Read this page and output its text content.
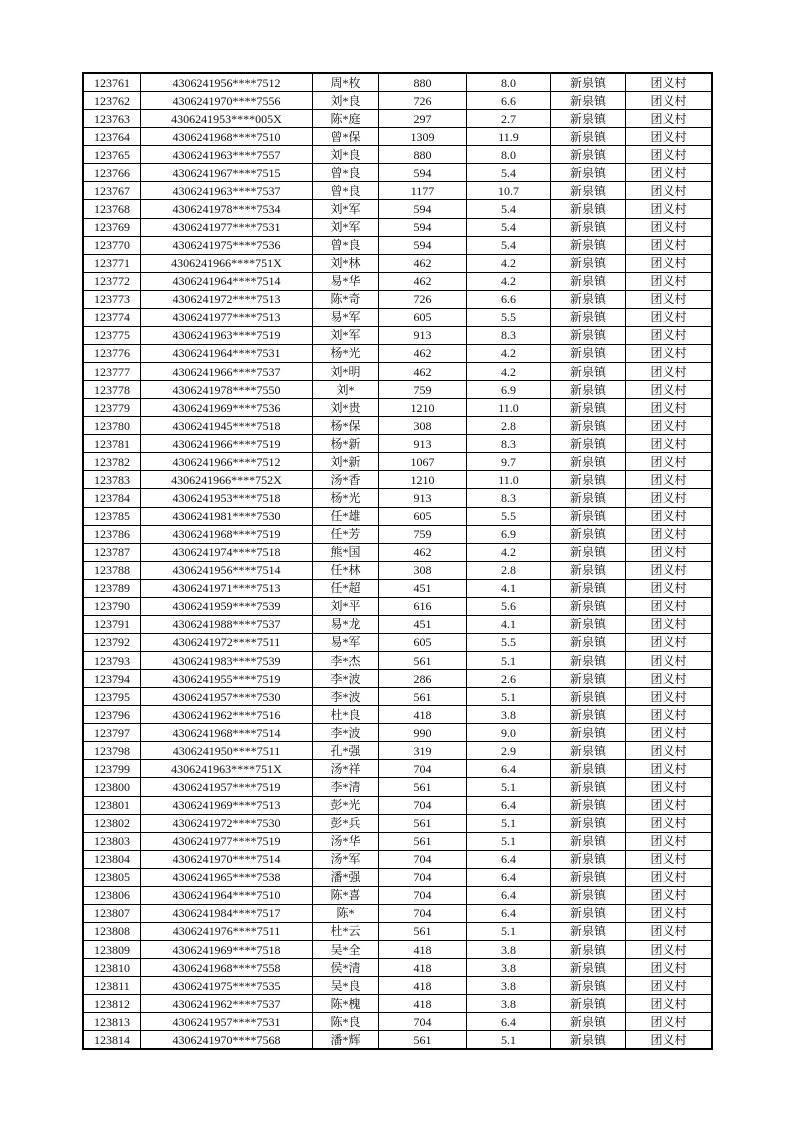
123761	4306241956****7512	周*枚	880	8.0	新泉镇	团义村
123762	4306241970****7556	刘*良	726	6.6	新泉镇	团义村
123763	4306241953****005X	陈*庭	297	2.7	新泉镇	团义村
123764	4306241968****7510	曾*保	1309	11.9	新泉镇	团义村
123765	4306241963****7557	刘*良	880	8.0	新泉镇	团义村
123766	4306241967****7515	曾*良	594	5.4	新泉镇	团义村
123767	4306241963****7537	曾*良	1177	10.7	新泉镇	团义村
123768	4306241978****7534	刘*军	594	5.4	新泉镇	团义村
123769	4306241977****7531	刘*军	594	5.4	新泉镇	团义村
123770	4306241975****7536	曾*良	594	5.4	新泉镇	团义村
123771	4306241966****751X	刘*林	462	4.2	新泉镇	团义村
123772	4306241964****7514	易*华	462	4.2	新泉镇	团义村
123773	4306241972****7513	陈*奇	726	6.6	新泉镇	团义村
123774	4306241977****7513	易*军	605	5.5	新泉镇	团义村
123775	4306241963****7519	刘*军	913	8.3	新泉镇	团义村
123776	4306241964****7531	杨*光	462	4.2	新泉镇	团义村
123777	4306241966****7537	刘*明	462	4.2	新泉镇	团义村
123778	4306241978****7550	刘*	759	6.9	新泉镇	团义村
123779	4306241969****7536	刘*贵	1210	11.0	新泉镇	团义村
123780	4306241945****7518	杨*保	308	2.8	新泉镇	团义村
123781	4306241966****7519	杨*新	913	8.3	新泉镇	团义村
123782	4306241966****7512	刘*新	1067	9.7	新泉镇	团义村
123783	4306241966****752X	汤*香	1210	11.0	新泉镇	团义村
123784	4306241953****7518	杨*光	913	8.3	新泉镇	团义村
123785	4306241981****7530	任*雄	605	5.5	新泉镇	团义村
123786	4306241968****7519	任*芳	759	6.9	新泉镇	团义村
123787	4306241974****7518	熊*国	462	4.2	新泉镇	团义村
123788	4306241956****7514	任*林	308	2.8	新泉镇	团义村
123789	4306241971****7513	任*超	451	4.1	新泉镇	团义村
123790	4306241959****7539	刘*平	616	5.6	新泉镇	团义村
123791	4306241988****7537	易*龙	451	4.1	新泉镇	团义村
123792	4306241972****7511	易*军	605	5.5	新泉镇	团义村
123793	4306241983****7539	李*杰	561	5.1	新泉镇	团义村
123794	4306241955****7519	李*波	286	2.6	新泉镇	团义村
123795	4306241957****7530	李*波	561	5.1	新泉镇	团义村
123796	4306241962****7516	杜*良	418	3.8	新泉镇	团义村
123797	4306241968****7514	李*波	990	9.0	新泉镇	团义村
123798	4306241950****7511	孔*强	319	2.9	新泉镇	团义村
123799	4306241963****751X	汤*祥	704	6.4	新泉镇	团义村
123800	4306241957****7519	李*清	561	5.1	新泉镇	团义村
123801	4306241969****7513	彭*光	704	6.4	新泉镇	团义村
123802	4306241972****7530	彭*兵	561	5.1	新泉镇	团义村
123803	4306241977****7519	汤*华	561	5.1	新泉镇	团义村
123804	4306241970****7514	汤*军	704	6.4	新泉镇	团义村
123805	4306241965****7538	潘*强	704	6.4	新泉镇	团义村
123806	4306241964****7510	陈*喜	704	6.4	新泉镇	团义村
123807	4306241984****7517	陈*	704	6.4	新泉镇	团义村
123808	4306241976****7511	杜*云	561	5.1	新泉镇	团义村
123809	4306241969****7518	吴*全	418	3.8	新泉镇	团义村
123810	4306241968****7558	侯*清	418	3.8	新泉镇	团义村
123811	4306241975****7535	吴*良	418	3.8	新泉镇	团义村
123812	4306241962****7537	陈*槐	418	3.8	新泉镇	团义村
123813	4306241957****7531	陈*良	704	6.4	新泉镇	团义村
123814	4306241970****7568	潘*辉	561	5.1	新泉镇	团义村
